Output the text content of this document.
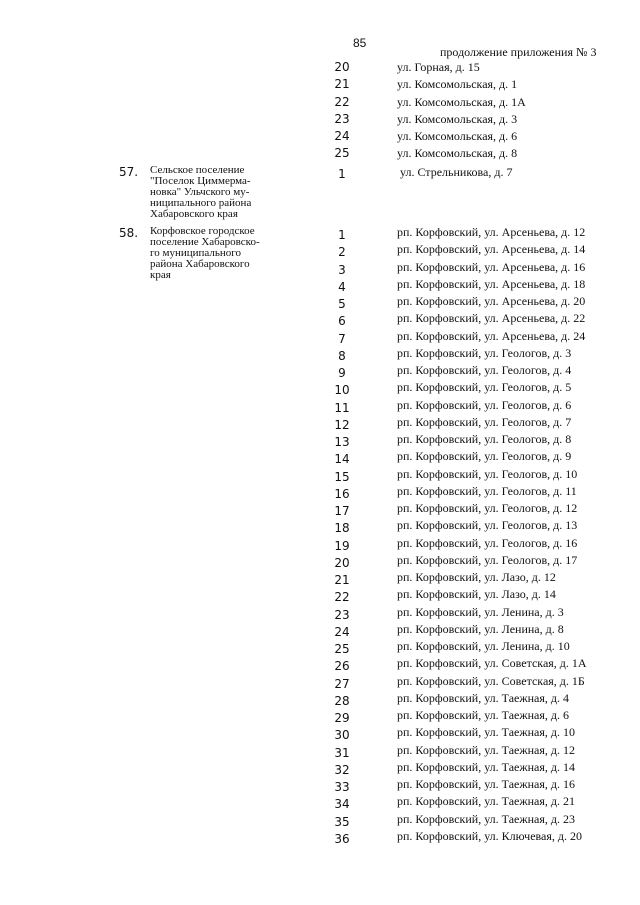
85
продолжение приложения № 3
20	ул. Горная, д. 15
21	ул. Комсомольская, д. 1
22	ул. Комсомольская, д. 1А
23	ул. Комсомольская, д. 3
24	ул. Комсомольская, д. 6
25	ул. Комсомольская, д. 8
57. Сельское поселение
"Поселок Циммерма-
новка" Ульчского му-
ниципального района
Хабаровского края
1	ул. Стрельникова, д. 7
58. Корфовское городское
поселение Хабаровско-
го муниципального
района Хабаровского
края
1	рп. Корфовский, ул. Арсеньева, д. 12
2	рп. Корфовский, ул. Арсеньева, д. 14
3	рп. Корфовский, ул. Арсеньева, д. 16
4	рп. Корфовский, ул. Арсеньева, д. 18
5	рп. Корфовский, ул. Арсеньева, д. 20
6	рп. Корфовский, ул. Арсеньева, д. 22
7	рп. Корфовский, ул. Арсеньева, д. 24
8	рп. Корфовский, ул. Геологов, д. 3
9	рп. Корфовский, ул. Геологов, д. 4
10	рп. Корфовский, ул. Геологов, д. 5
11	рп. Корфовский, ул. Геологов, д. 6
12	рп. Корфовский, ул. Геологов, д. 7
13	рп. Корфовский, ул. Геологов, д. 8
14	рп. Корфовский, ул. Геологов, д. 9
15	рп. Корфовский, ул. Геологов, д. 10
16	рп. Корфовский, ул. Геологов, д. 11
17	рп. Корфовский, ул. Геологов, д. 12
18	рп. Корфовский, ул. Геологов, д. 13
19	рп. Корфовский, ул. Геологов, д. 16
20	рп. Корфовский, ул. Геологов, д. 17
21	рп. Корфовский, ул. Лазо, д. 12
22	рп. Корфовский, ул. Лазо, д. 14
23	рп. Корфовский, ул. Ленина, д. 3
24	рп. Корфовский, ул. Ленина, д. 8
25	рп. Корфовский, ул. Ленина, д. 10
26	рп. Корфовский, ул. Советская, д. 1А
27	рп. Корфовский, ул. Советская, д. 1Б
28	рп. Корфовский, ул. Таежная, д. 4
29	рп. Корфовский, ул. Таежная, д. 6
30	рп. Корфовский, ул. Таежная, д. 10
31	рп. Корфовский, ул. Таежная, д. 12
32	рп. Корфовский, ул. Таежная, д. 14
33	рп. Корфовский, ул. Таежная, д. 16
34	рп. Корфовский, ул. Таежная, д. 21
35	рп. Корфовский, ул. Таежная, д. 23
36	рп. Корфовский, ул. Ключевая, д. 20
